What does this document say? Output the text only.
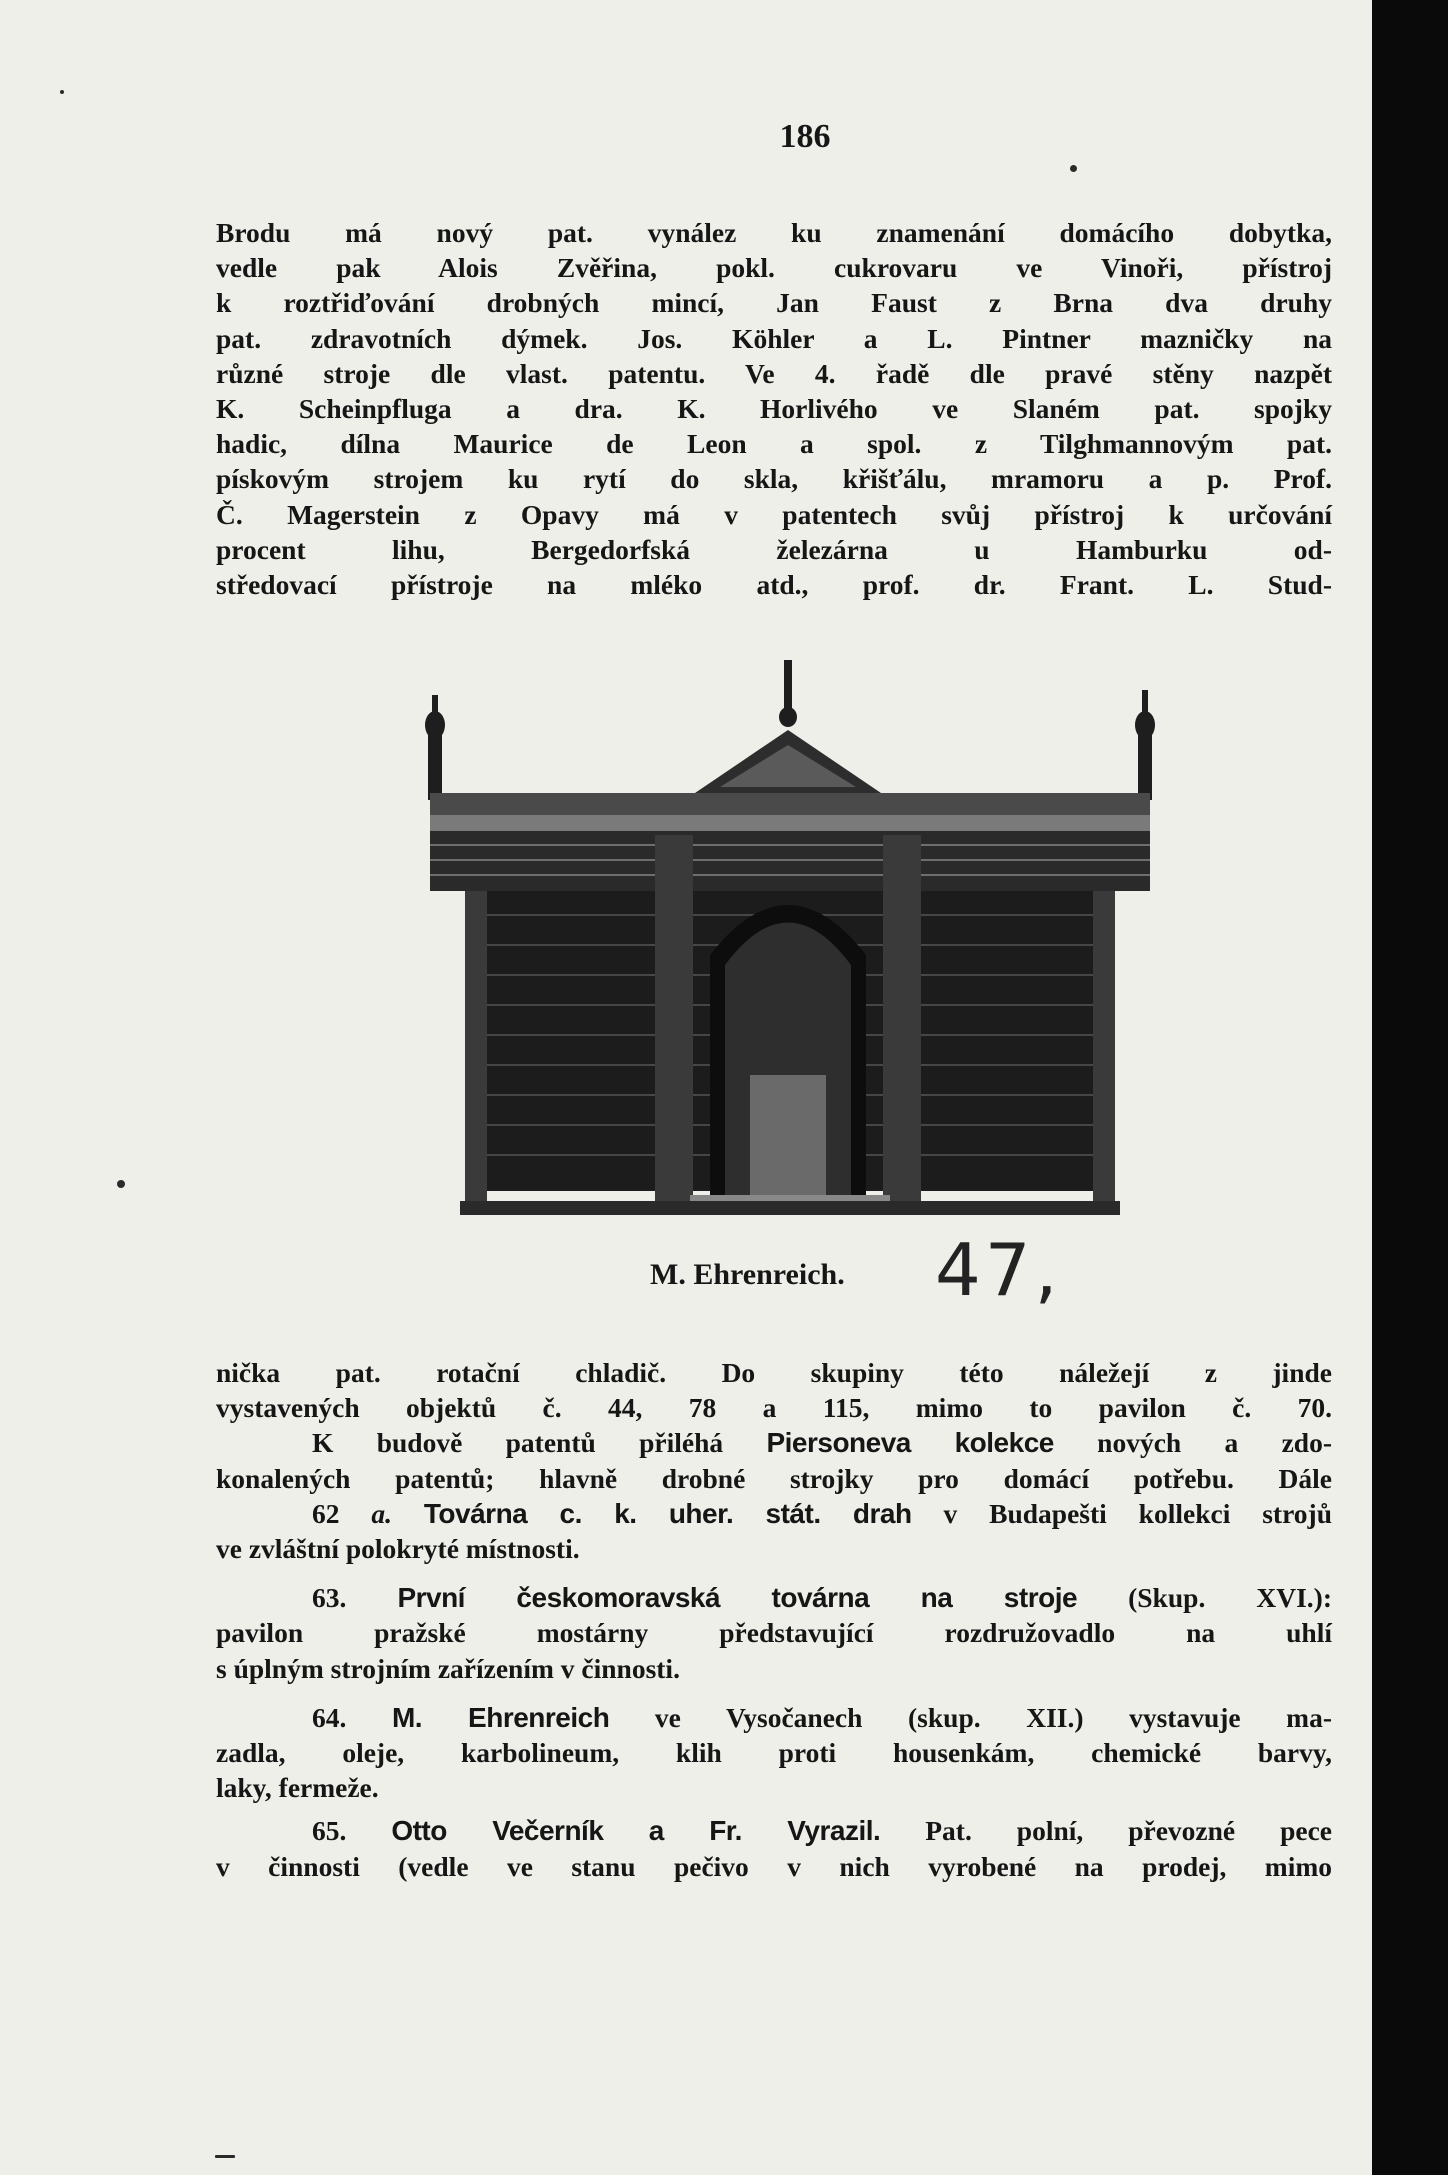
186
Brodu má nový pat. vynález ku znamenání domácího dobytka,
vedle pak Alois Zvěřina, pokl. cukrovaru ve Vinoři, přístroj
k roztřiďování drobných mincí, Jan Faust z Brna dva druhy
pat. zdravotních dýmek. Jos. Köhler a L. Pintner mazničky na
různé stroje dle vlast. patentu. Ve 4. řadě dle pravé stěny nazpět
K. Scheinpfluga a dra. K. Horlivého ve Slaném pat. spojky
hadic, dílna Maurice de Leon a spol. z Tilghmannovým pat.
pískovým strojem ku rytí do skla, křišťálu, mramoru a p. Prof.
Č. Magerstein z Opavy má v patentech svůj přístroj k určování
procent lihu, Bergedorfská železárna u Hamburku od-
středovací přístroje na mléko atd., prof. dr. Frant. L. Stud-
M. Ehrenreich. 47,
nička pat. rotační chladič. Do skupiny této náležejí z jinde
vystavených objektů č. 44, 78 a 115, mimo to pavilon č. 70.
K budově patentů přiléhá Piersoneva kolekce nových a zdo-
konalených patentů; hlavně drobné strojky pro domácí potřebu. Dále
62 a. Továrna c. k. uher. stát. drah v Budapešti kollekci strojů
ve zvláštní polokryté místnosti.
63. První českomoravská továrna na stroje (Skup. XVI.):
pavilon pražské mostárny představující rozdružovadlo na uhlí
s úplným strojním zařízením v činnosti.
64. M. Ehrenreich ve Vysočanech (skup. XII.) vystavuje ma-
zadla, oleje, karbolineum, klih proti housenkám, chemické barvy,
laky, fermeže.
65. Otto Večerník a Fr. Vyrazil. Pat. polní, převozné pece
v činnosti (vedle ve stanu pečivo v nich vyrobené na prodej, mimo
